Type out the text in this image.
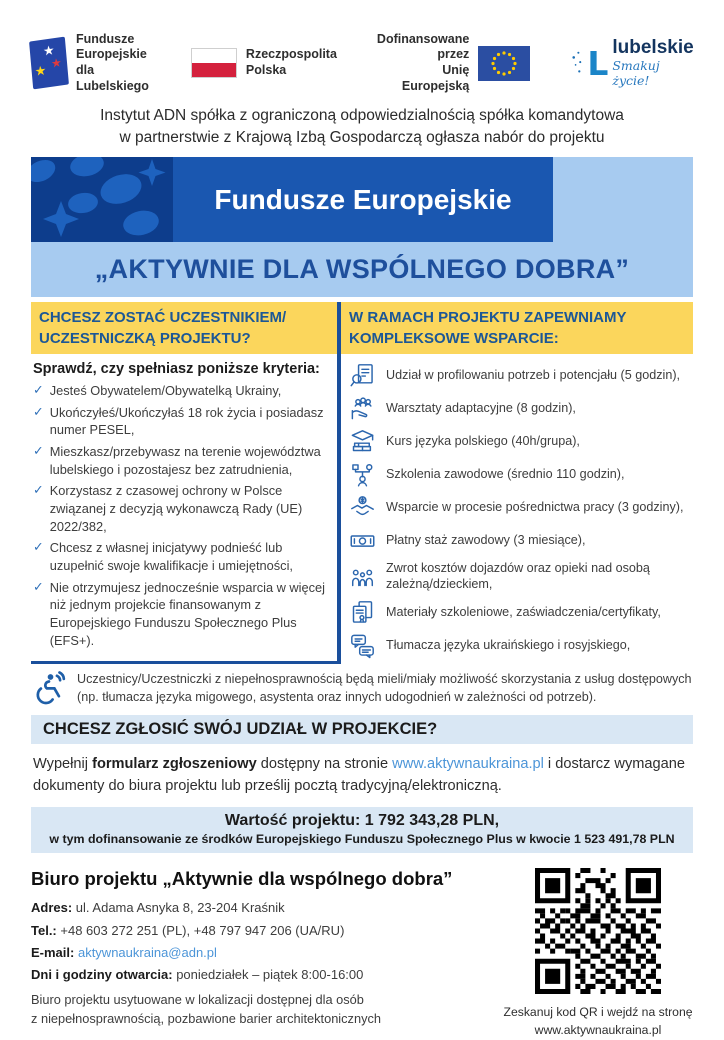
★
★
★
Fundusze Europejskie
dla Lubelskiego
Rzeczpospolita
Polska
Dofinansowane przez
Unię Europejską
L lubelskie
Smakuj życie!
Instytut ADN spółka z ograniczoną odpowiedzialnością spółka komandytowa
w partnerstwie z Krajową Izbą Gospodarczą ogłasza nabór do projektu
Fundusze Europejskie
„AKTYWNIE DLA WSPÓLNEGO DOBRA”
CHCESZ ZOSTAĆ UCZESTNIKIEM/
UCZESTNICZKĄ PROJEKTU?
Sprawdź, czy spełniasz poniższe kryteria:
✓ Jesteś Obywatelem/Obywatelką Ukrainy,
✓ Ukończyłeś/Ukończyłaś 18 rok życia i posiadasz numer PESEL,
✓ Mieszkasz/przebywasz na terenie województwa lubelskiego i pozostajesz bez zatrudnienia,
✓ Korzystasz z czasowej ochrony w Polsce związanej z decyzją wykonawczą Rady (UE) 2022/382,
✓ Chcesz z własnej inicjatywy podnieść lub uzupełnić swoje kwalifikacje i umiejętności,
✓ Nie otrzymujesz jednocześnie wsparcia w więcej niż jednym projekcie finansowanym z Europejskiego Funduszu Społecznego Plus (EFS+).
W RAMACH PROJEKTU ZAPEWNIAMY
KOMPLEKSOWE WSPARCIE:
Udział w profilowaniu potrzeb i potencjału (5 godzin),
Warsztaty adaptacyjne (8 godzin),
Kurs języka polskiego (40h/grupa),
Szkolenia zawodowe (średnio 110 godzin),
Wsparcie w procesie pośrednictwa pracy (3 godziny),
Płatny staż zawodowy (3 miesiące),
Zwrot kosztów dojazdów oraz opieki nad osobą zależną/dzieckiem,
Materiały szkoleniowe, zaświadczenia/certyfikaty,
Tłumacza języka ukraińskiego i rosyjskiego,
Uczestnicy/Uczestniczki z niepełnosprawnością będą mieli/miały możliwość skorzystania z usług dostępowych (np. tłumacza języka migowego, asystenta oraz innych udogodnień w zależności od potrzeb).
CHCESZ ZGŁOSIĆ SWÓJ UDZIAŁ W PROJEKCIE?

Wypełnij formularz zgłoszeniowy dostępny na stronie www.aktywnaukraina.pl i dostarcz wymagane dokumenty do biura projektu lub prześlij pocztą tradycyjną/elektroniczną.

Wartość projektu: 1 792 343,28 PLN,
w tym dofinansowanie ze środków Europejskiego Funduszu Społecznego Plus w kwocie 1 523 491,78 PLN
Biuro projektu „Aktywnie dla wspólnego dobra”
Adres: ul. Adama Asnyka 8, 23-204 Kraśnik
Tel.: +48 603 272 251 (PL), +48 797 947 206 (UA/RU)
E-mail: aktywnaukraina@adn.pl
Dni i godziny otwarcia: poniedziałek – piątek 8:00-16:00
Biuro projektu usytuowane w lokalizacji dostępnej dla osób
z niepełnosprawnością, pozbawione barier architektonicznych	Zeskanuj kod QR i wejdź na stronę www.aktywnaukraina.pl
